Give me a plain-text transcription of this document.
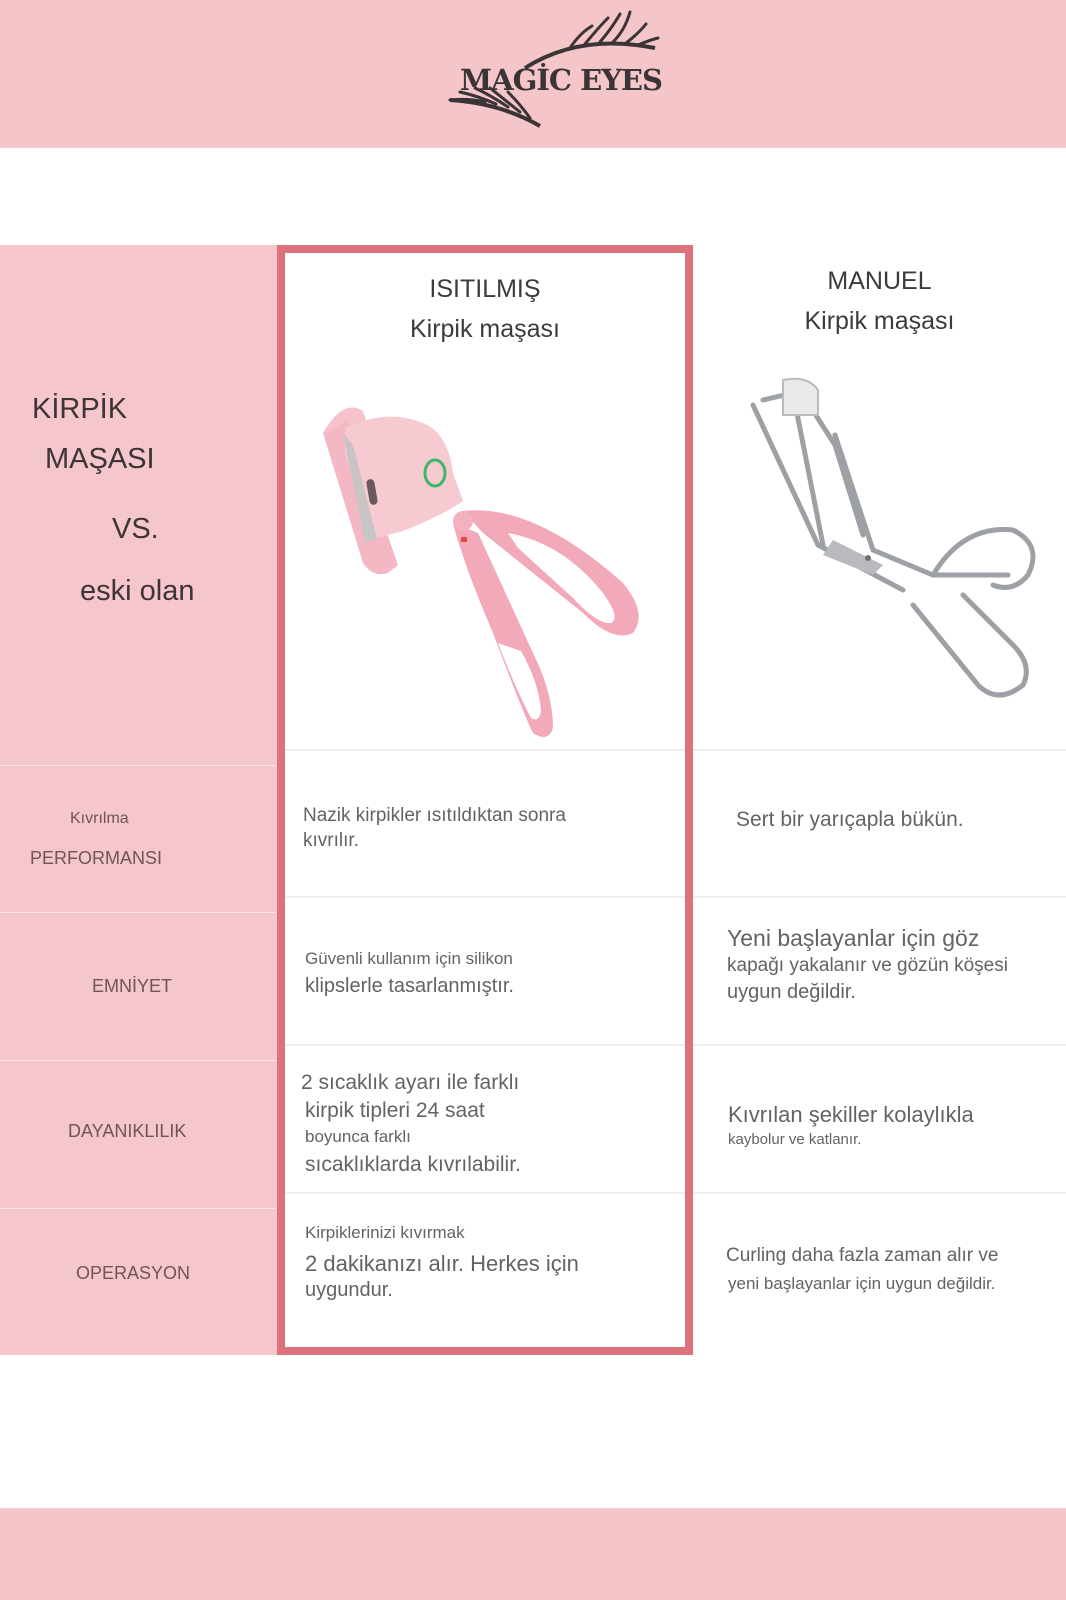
MAGİC EYES
KİRPİK
MAŞASI
VS.
eski olan
Kıvrılma
PERFORMANSI
EMNİYET
DAYANIKLILIK
OPERASYON
ISITILMIŞ
Kirpik maşası
Nazik kirpikler ısıtıldıktan sonra
kıvrılır.
Güvenli kullanım için silikon
klipslerle tasarlanmıştır.
2 sıcaklık ayarı ile farklı
kirpik tipleri 24 saat
boyunca farklı
sıcaklıklarda kıvrılabilir.
Kirpiklerinizi kıvırmak
2 dakikanızı alır. Herkes için
uygundur.
MANUEL
Kirpik maşası
Sert bir yarıçapla bükün.
Yeni başlayanlar için göz
kapağı yakalanır ve gözün köşesi
uygun değildir.
Kıvrılan şekiller kolaylıkla
kaybolur ve katlanır.
Curling daha fazla zaman alır ve
yeni başlayanlar için uygun değildir.
